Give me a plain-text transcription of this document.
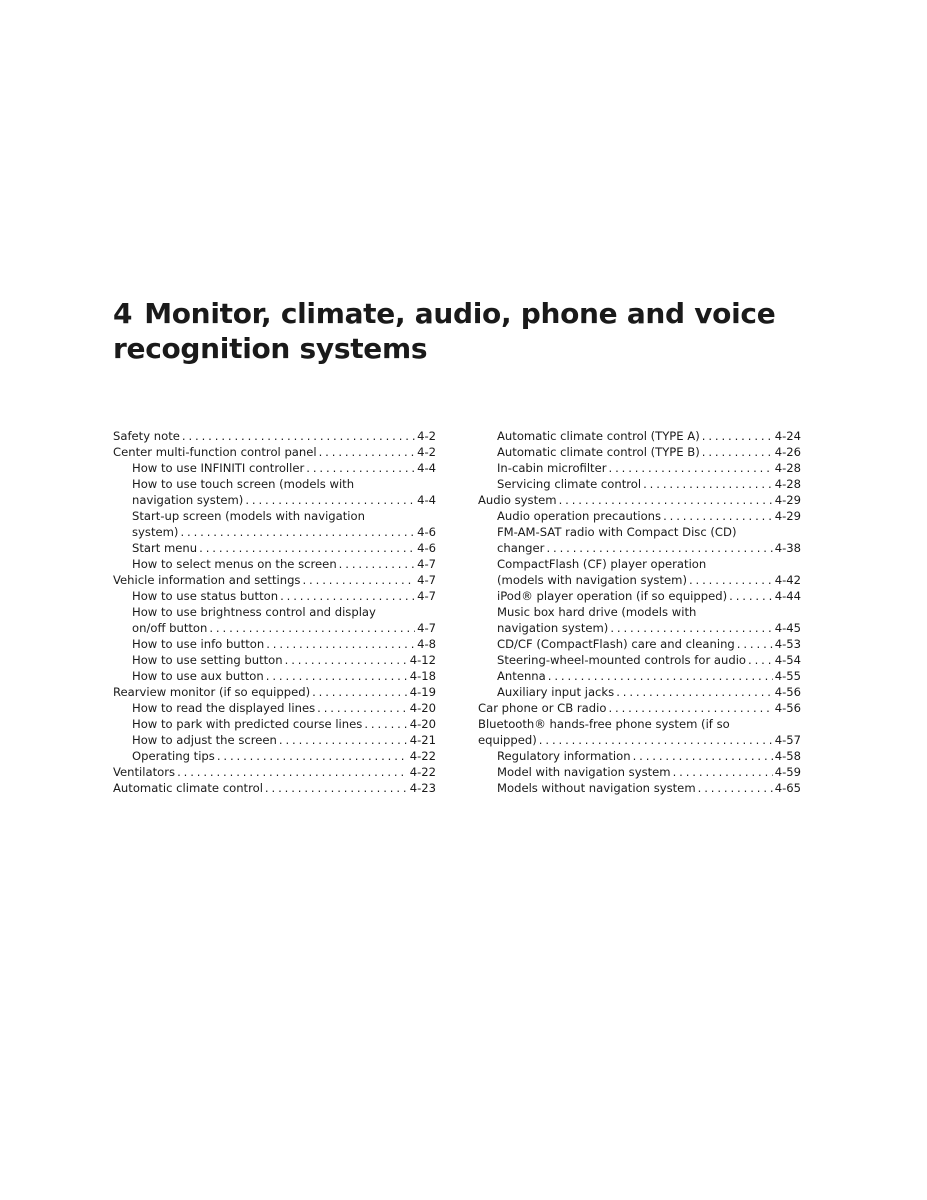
4 Monitor, climate, audio, phone and voice
recognition systems
Safety note . . .	4-2
Center multi-function control panel . . .	4-2
How to use INFINITI controller . . .	4-4
How to use touch screen (models with
navigation system) . . .	4-4
Start-up screen (models with navigation
system) . . .	4-6
Start menu . . .	4-6
How to select menus on the screen . . .	4-7
Vehicle information and settings . . .	4-7
How to use status button . . .	4-7
How to use brightness control and display
on/off button . . .	4-7
How to use info button . . .	4-8
How to use setting button . . .	4-12
How to use aux button . . .	4-18
Rearview monitor (if so equipped) . . .	4-19
How to read the displayed lines . . .	4-20
How to park with predicted course lines . . .	4-20
How to adjust the screen . . .	4-21
Operating tips . . .	4-22
Ventilators . . .	4-22
Automatic climate control . . .	4-23
Automatic climate control (TYPE A) . . .	4-24
Automatic climate control (TYPE B) . . .	4-26
In-cabin microfilter . . .	4-28
Servicing climate control . . .	4-28
Audio system . . .	4-29
Audio operation precautions . . .	4-29
FM-AM-SAT radio with Compact Disc (CD)
changer . . .	4-38
CompactFlash (CF) player operation
(models with navigation system) . . .	4-42
iPod® player operation (if so equipped) . . .	4-44
Music box hard drive (models with
navigation system) . . .	4-45
CD/CF (CompactFlash) care and cleaning . . .	4-53
Steering-wheel-mounted controls for audio . . . 4-54
Antenna . . .	4-55
Auxiliary input jacks . . .	4-56
Car phone or CB radio . . .	4-56
Bluetooth® hands-free phone system (if so
equipped) . . .	4-57
Regulatory information . . .	4-58
Model with navigation system . . .	4-59
Models without navigation system . . .	4-65
